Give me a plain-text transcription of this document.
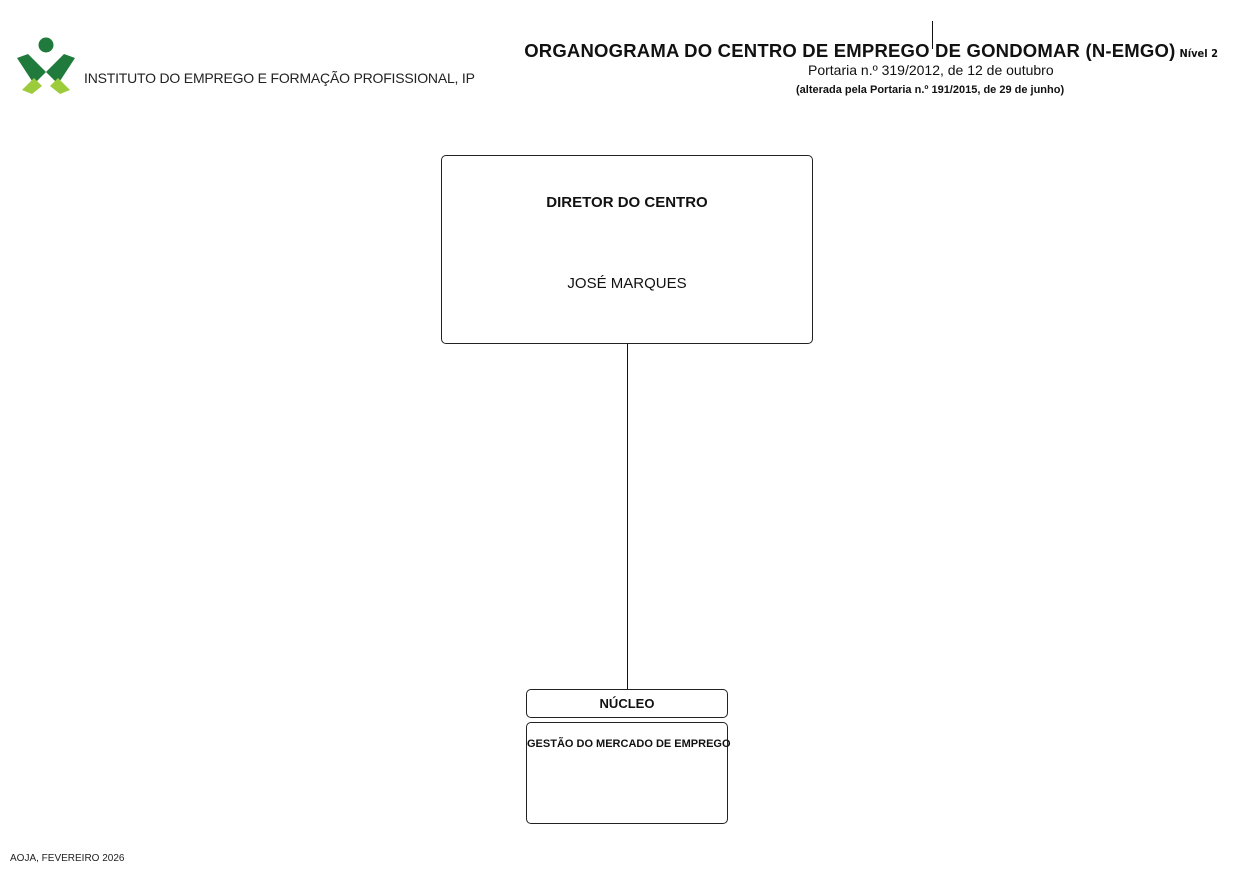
INSTITUTO DO EMPREGO E FORMAÇÃO PROFISSIONAL, IP
ORGANOGRAMA DO CENTRO DE EMPREGO DE GONDOMAR (N-EMGO) Nível 2
Portaria n.º 319/2012, de 12 de outubro
(alterada pela Portaria n.º 191/2015, de 29 de junho)
DIRETOR DO CENTRO
JOSÉ MARQUES
NÚCLEO
GESTÃO DO MERCADO DE EMPREGO
AOJA, FEVEREIRO 2026
